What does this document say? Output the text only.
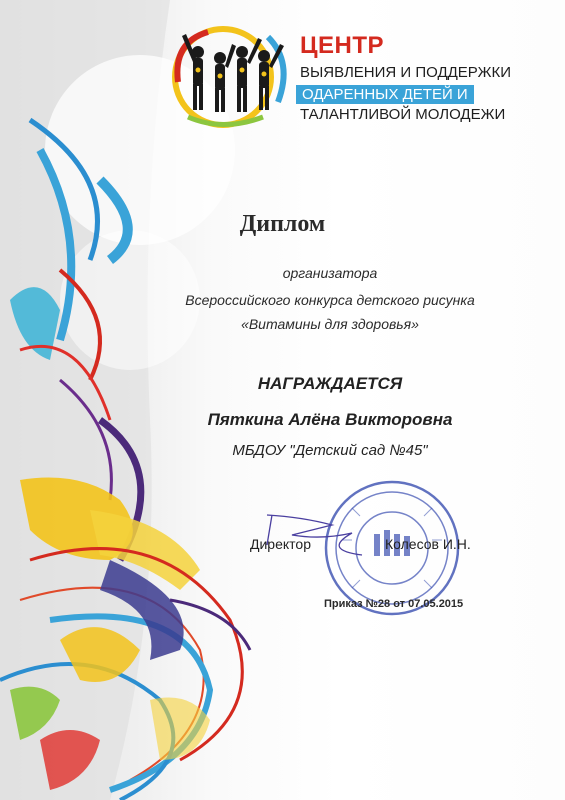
ЦЕНТР
ВЫЯВЛЕНИЯ И ПОДДЕРЖКИ
ОДАРЕННЫХ ДЕТЕЙ И
ТАЛАНТЛИВОЙ МОЛОДЕЖИ
Диплом
организатора
Всероссийского конкурса детского рисунка
«Витамины для здоровья»
НАГРАЖДАЕТСЯ
Пяткина Алёна Викторовна
МБДОУ "Детский сад №45"
Директор	Колесов И.Н.
Приказ №28 от 07.05.2015
